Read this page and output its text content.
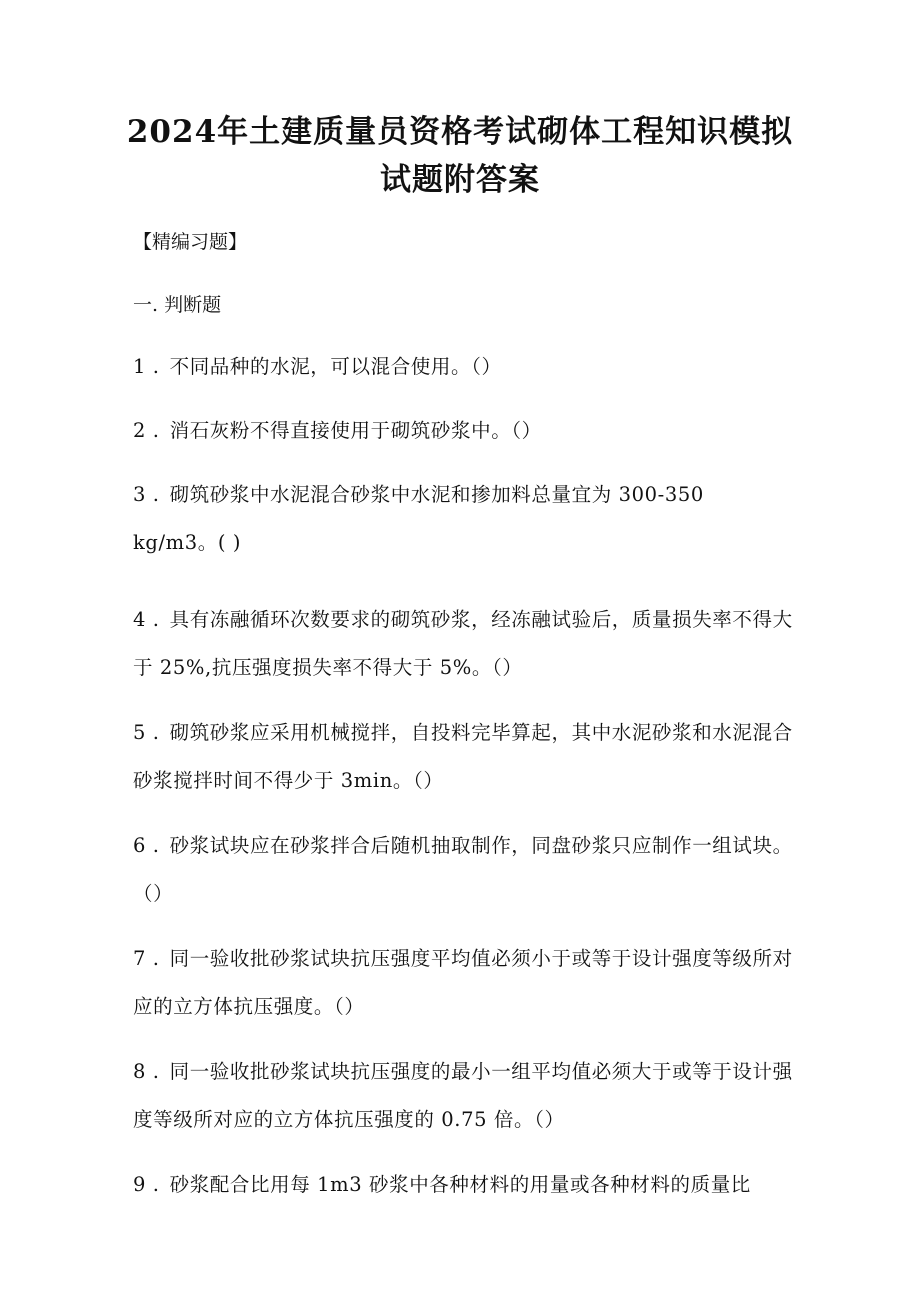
2024年土建质量员资格考试砌体工程知识模拟
试题附答案
【精编习题】
一. 判断题
1 . 不同品种的水泥，可以混合使用。（）
2 . 消石灰粉不得直接使用于砌筑砂浆中。（）
3 . 砌筑砂浆中水泥混合砂浆中水泥和掺加料总量宜为 300-350 kg/m3。( )
4 . 具有冻融循环次数要求的砌筑砂浆，经冻融试验后，质量损失率不得大于 25%,抗压强度损失率不得大于 5%。（）
5 . 砌筑砂浆应采用机械搅拌，自投料完毕算起，其中水泥砂浆和水泥混合砂浆搅拌时间不得少于 3min。（）
6 . 砂浆试块应在砂浆拌合后随机抽取制作，同盘砂浆只应制作一组试块。（）
7 . 同一验收批砂浆试块抗压强度平均值必须小于或等于设计强度等级所对应的立方体抗压强度。（）
8 . 同一验收批砂浆试块抗压强度的最小一组平均值必须大于或等于设计强度等级所对应的立方体抗压强度的 0.75 倍。（）
9 . 砂浆配合比用每 1m3 砂浆中各种材料的用量或各种材料的质量比
